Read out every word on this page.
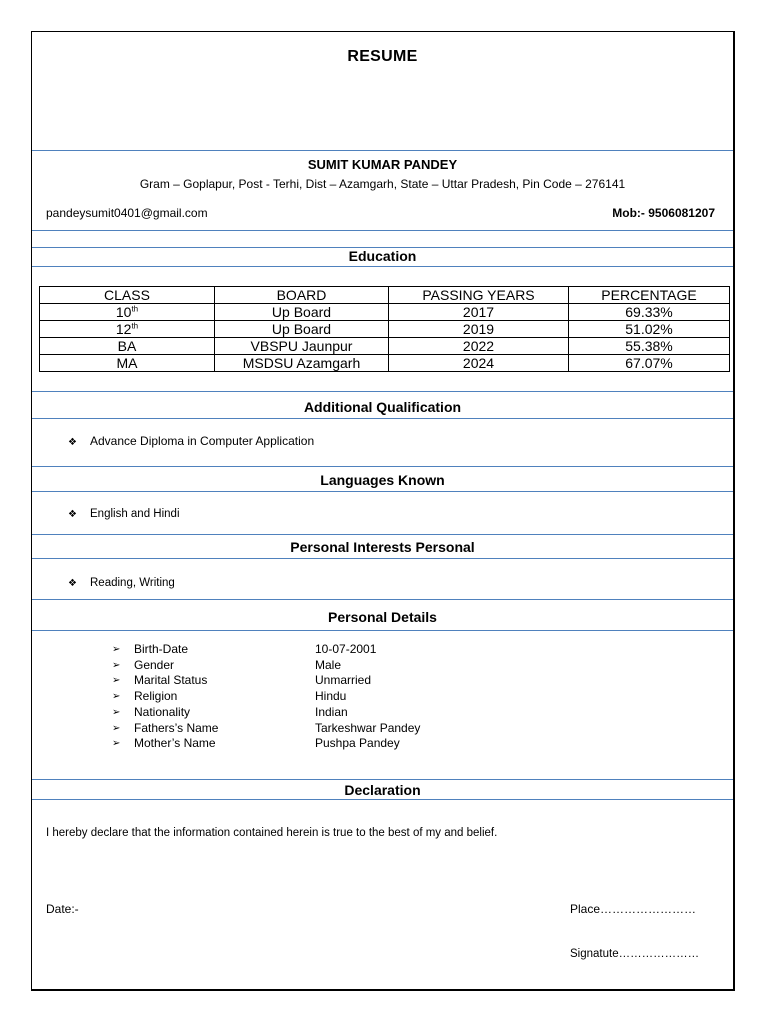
RESUME
SUMIT KUMAR PANDEY
Gram – Goplapur, Post - Terhi, Dist – Azamgarh, State – Uttar Pradesh, Pin Code – 276141
pandeysumit0401@gmail.com	Mob:- 9506081207
Education
CLASS	BOARD	PASSING YEARS	PERCENTAGE
10th	Up Board	2017	69.33%
12th	Up Board	2019	51.02%
BA	VBSPU Jaunpur	2022	55.38%
MA	MSDSU Azamgarh	2024	67.07%
Additional Qualification
❖ Advance Diploma in Computer Application
Languages Known
❖ English and Hindi
Personal Interests Personal
❖ Reading, Writing
Personal Details
➢	Birth-Date	10-07-2001
➢	Gender	Male
➢	Marital Status	Unmarried
➢	Religion	Hindu
➢	Nationality	Indian
➢	Fathers’s Name	Tarkeshwar Pandey
➢	Mother’s Name	Pushpa Pandey
Declaration
I hereby declare that the information contained herein is true to the best of my and belief.
Date:-	Place……………………
Signatute…………………
